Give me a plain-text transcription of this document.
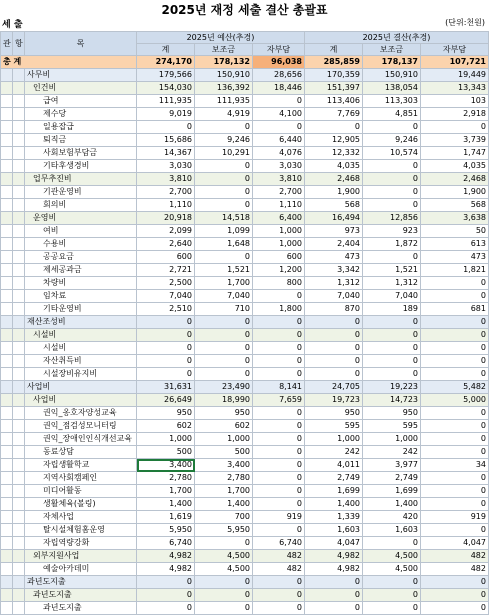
2025년 재정 세출 결산 총괄표
세 출	(단위:천원)
관	항	목	2025년 예산(추경)			2025년 결산(추경)		
			계	보조금	자부담	계	보조금	자부담
총 계			274,170	178,132	96,038	285,859	178,137	107,721
		사무비	179,566	150,910	28,656	170,359	150,910	19,449
		인건비	154,030	136,392	18,446	151,397	138,054	13,343
		급여	111,935	111,935	0	113,406	113,303	103
		제수당	9,019	4,919	4,100	7,769	4,851	2,918
		일용잡급	0	0	0	0	0	0
		퇴직금	15,686	9,246	6,440	12,905	9,246	3,739
		사회보험부담금	14,367	10,291	4,076	12,332	10,574	1,747
		기타후생경비	3,030	0	3,030	4,035	0	4,035
		업무추진비	3,810	0	3,810	2,468	0	2,468
		기관운영비	2,700	0	2,700	1,900	0	1,900
		회의비	1,110	0	1,110	568	0	568
		운영비	20,918	14,518	6,400	16,494	12,856	3,638
		여비	2,099	1,099	1,000	973	923	50
		수용비	2,640	1,648	1,000	2,404	1,872	613
		공공요금	600	0	600	473	0	473
		제세공과금	2,721	1,521	1,200	3,342	1,521	1,821
		차량비	2,500	1,700	800	1,312	1,312	0
		임차료	7,040	7,040	0	7,040	7,040	0
		기타운영비	2,510	710	1,800	870	189	681
		재산조성비	0	0	0	0	0	0
		시설비	0	0	0	0	0	0
		시설비	0	0	0	0	0	0
		자산취득비	0	0	0	0	0	0
		시설장비유지비	0	0	0	0	0	0
		사업비	31,631	23,490	8,141	24,705	19,223	5,482
		사업비	26,649	18,990	7,659	19,723	14,723	5,000
		권익_옹호자양성교육	950	950	0	950	950	0
		권익_점검성모니터링	602	602	0	595	595	0
		권익_장애인인식개선교육	1,000	1,000	0	1,000	1,000	0
		동료상담	500	500	0	242	242	0
		자립생활학교	3,400	3,400	0	4,011	3,977	34
		지역사회캠페인	2,780	2,780	0	2,749	2,749	0
		미디어활동	1,700	1,700	0	1,699	1,699	0
		생활체육(볼링)	1,400	1,400	0	1,400	1,400	0
		자체사업	1,619	700	919	1,339	420	919
		탈시설체험홈운영	5,950	5,950	0	1,603	1,603	0
		자립역량강화	6,740	0	6,740	4,047	0	4,047
		외부지원사업	4,982	4,500	482	4,982	4,500	482
		예술아카데미	4,982	4,500	482	4,982	4,500	482
		과년도지출	0	0	0	0	0	0
		과년도지출	0	0	0	0	0	0
		과년도지출	0	0	0	0	0	0
